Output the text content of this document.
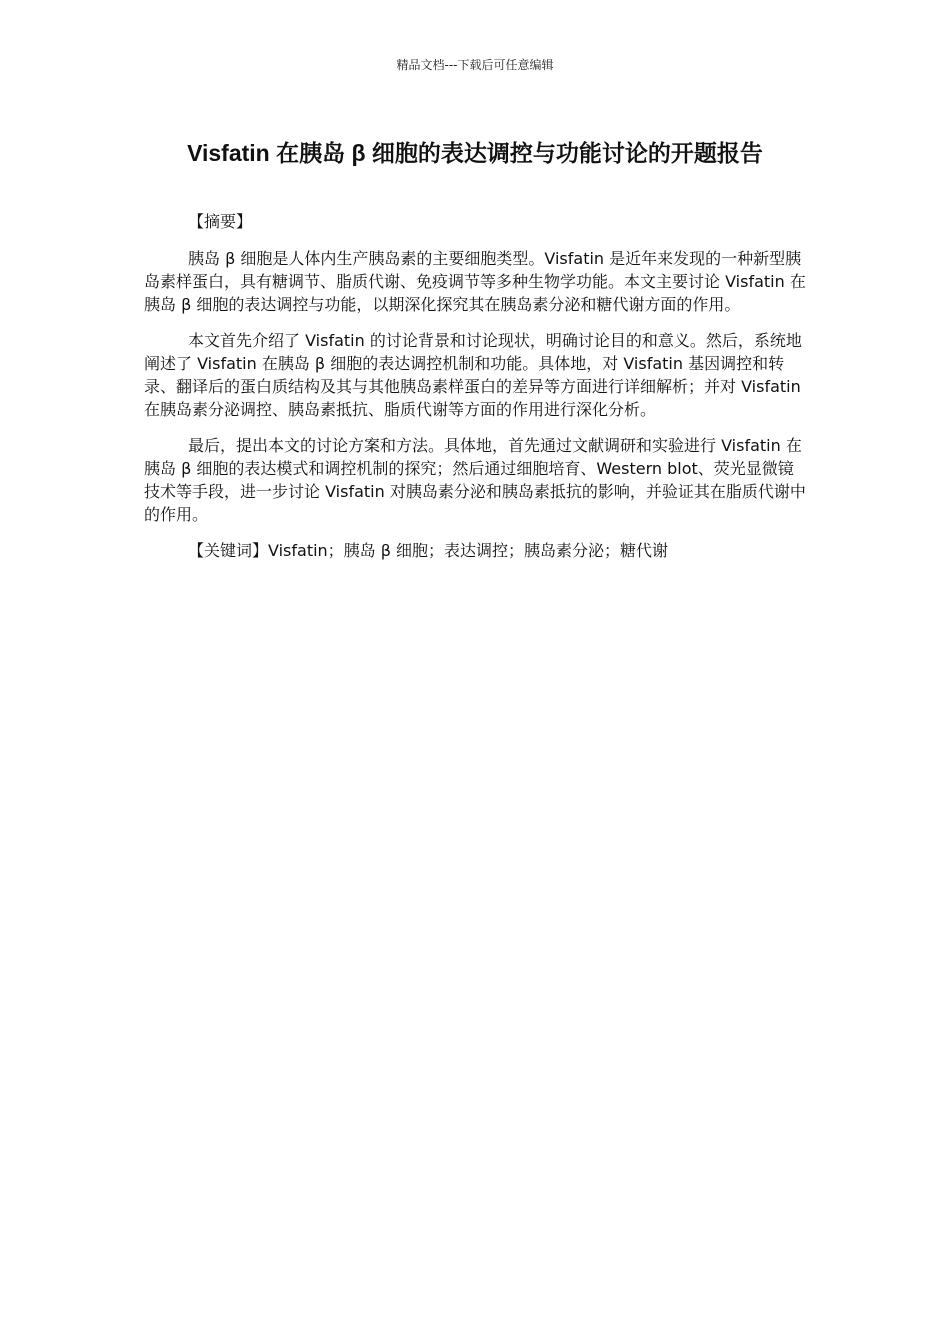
精品文档---下载后可任意编辑
Visfatin 在胰岛 β 细胞的表达调控与功能讨论的开题报告

【摘要】

胰岛 β 细胞是人体内生产胰岛素的主要细胞类型。Visfatin 是近年来发现的一种新型胰岛素样蛋白，具有糖调节、脂质代谢、免疫调节等多种生物学功能。本文主要讨论 Visfatin 在胰岛 β 细胞的表达调控与功能，以期深化探究其在胰岛素分泌和糖代谢方面的作用。

本文首先介绍了 Visfatin 的讨论背景和讨论现状，明确讨论目的和意义。然后，系统地阐述了 Visfatin 在胰岛 β 细胞的表达调控机制和功能。具体地，对 Visfatin 基因调控和转录、翻译后的蛋白质结构及其与其他胰岛素样蛋白的差异等方面进行详细解析；并对 Visfatin 在胰岛素分泌调控、胰岛素抵抗、脂质代谢等方面的作用进行深化分析。

最后，提出本文的讨论方案和方法。具体地，首先通过文献调研和实验进行 Visfatin 在胰岛 β 细胞的表达模式和调控机制的探究；然后通过细胞培育、Western blot、荧光显微镜技术等手段，进一步讨论 Visfatin 对胰岛素分泌和胰岛素抵抗的影响，并验证其在脂质代谢中的作用。

【关键词】Visfatin；胰岛 β 细胞；表达调控；胰岛素分泌；糖代谢
